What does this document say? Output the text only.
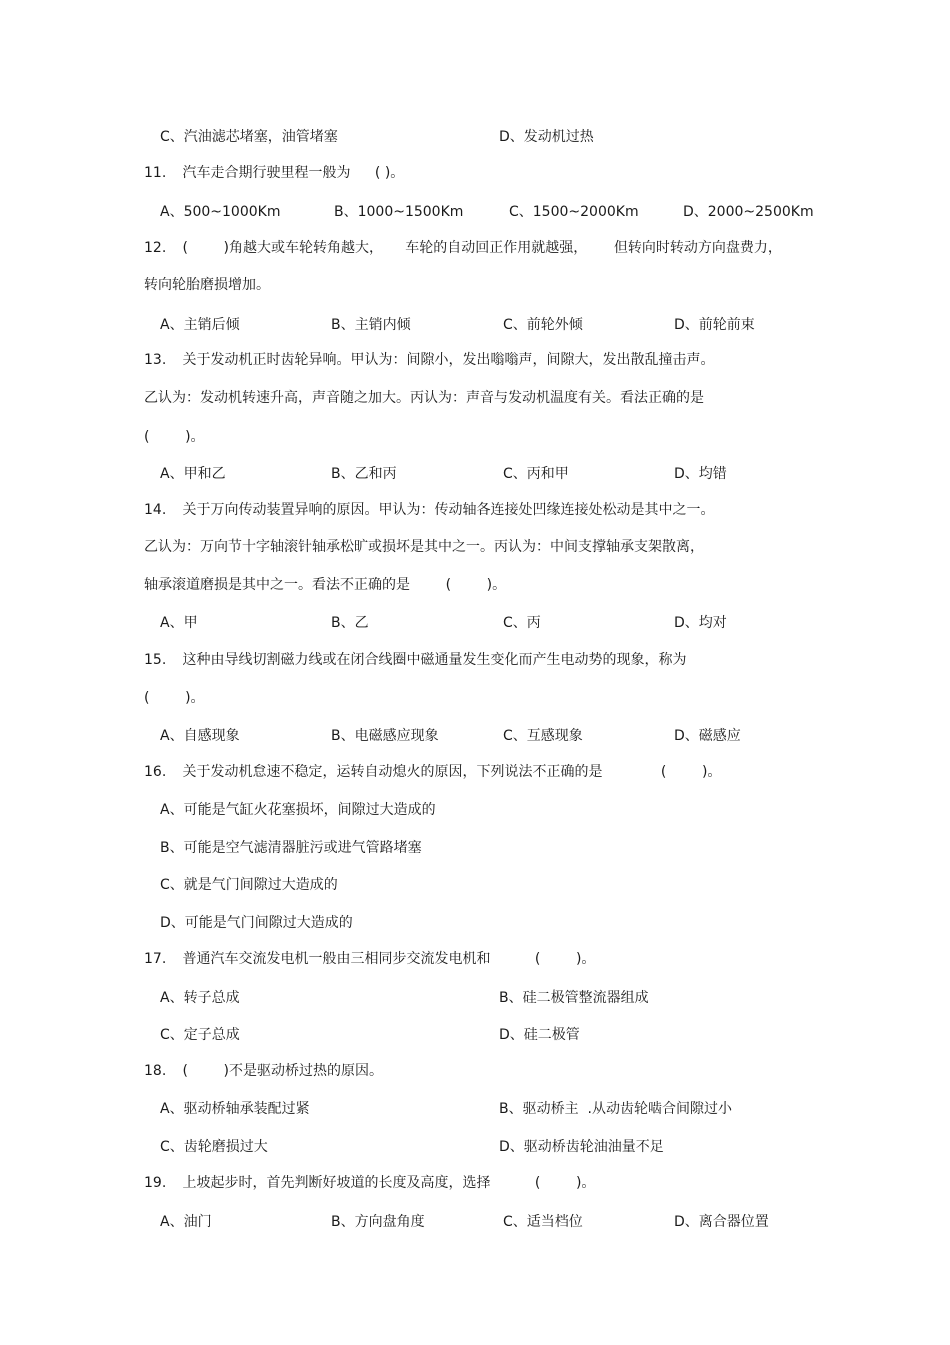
C、汽油滤芯堵塞，油管堵塞	D、发动机过热
11. 汽车走合期行驶里程一般为 ( )。
A、500~1000Km	B、1000~1500Km	C、1500~2000Km	D、2000~2500Km
12. (        )角越大或车轮转角越大，     车轮的自动回正作用就越强，      但转向时转动方向盘费力，
转向轮胎磨损增加。
A、主销后倾	B、主销内倾	C、前轮外倾	D、前轮前束
13. 关于发动机正时齿轮异响。甲认为：间隙小，发出嗡嗡声，间隙大，发出散乱撞击声。
乙认为：发动机转速升高，声音随之加大。丙认为：声音与发动机温度有关。看法正确的是
(        )。
A、甲和乙	B、乙和丙	C、丙和甲	D、均错
14. 关于万向传动装置异响的原因。甲认为：传动轴各连接处凹缘连接处松动是其中之一。
乙认为：万向节十字轴滚针轴承松旷或损坏是其中之一。丙认为：中间支撑轴承支架散离，
轴承滚道磨损是其中之一。看法不正确的是        (        )。
A、甲	B、乙	C、丙	D、均对
15. 这种由导线切割磁力线或在闭合线圈中磁通量发生变化而产生电动势的现象，称为
(        )。
A、自感现象	B、电磁感应现象	C、互感现象	D、磁感应
16. 关于发动机怠速不稳定，运转自动熄火的原因，下列说法不正确的是	(        )。
A、可能是气缸火花塞损坏，间隙过大造成的
B、可能是空气滤清器脏污或进气管路堵塞
C、就是气门间隙过大造成的
D、可能是气门间隙过大造成的
17. 普通汽车交流发电机一般由三相同步交流发电机和	(        )。
A、转子总成	B、硅二极管整流器组成
C、定子总成	D、硅二极管
18. (        )不是驱动桥过热的原因。
A、驱动桥轴承装配过紧	B、驱动桥主  .从动齿轮啮合间隙过小
C、齿轮磨损过大	D、驱动桥齿轮油油量不足
19. 上坡起步时，首先判断好坡道的长度及高度，选择	(        )。
A、油门	B、方向盘角度	C、适当档位	D、离合器位置
